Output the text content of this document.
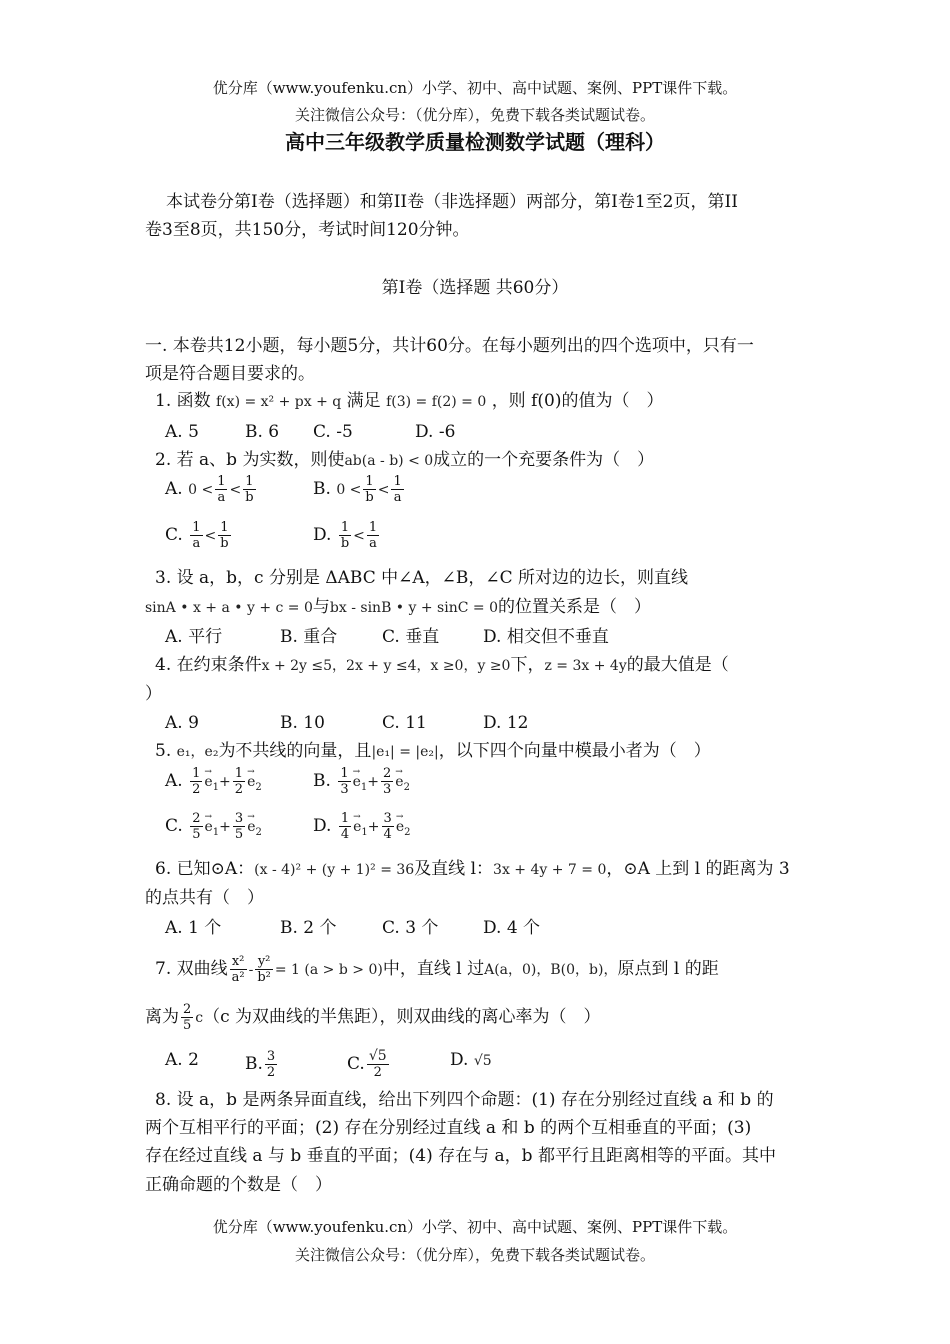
优分库（www.youfenku.cn）小学、初中、高中试题、案例、PPT课件下载。
关注微信公众号：（优分库），免费下载各类试题试卷。
高中三年级教学质量检测数学试题（理科）
本试卷分第I卷（选择题）和第II卷（非选择题）两部分，第I卷1至2页，第II
卷3至8页，共150分，考试时间120分钟。
第I卷（选择题 共60分）
一. 本卷共12小题，每小题5分，共计60分。在每小题列出的四个选项中，只有一
项是符合题目要求的。
1. 函数 f(x) = x² + px + q 满足 f(3) = f(2) = 0 ，则 f(0)的值为（　）
A. 5	B. 6 C. -5	D. -6
2. 若 a、b 为实数，则使ab(a - b) < 0成立的一个充要条件为（　）
A. $0 < \frac{1}{a} < \frac{1}{b}$	B. $0 < \frac{1}{b} < \frac{1}{a}$
C. $\frac{1}{a} < \frac{1}{b}$	D. $\frac{1}{b} < \frac{1}{a}$
3. 设 a，b，c 分别是 ΔABC 中∠A，∠B，∠C 所对边的边长，则直线
sinA • x + a • y + c = 0与bx - sinB • y + sinC = 0的位置关系是（　）
A. 平行	B. 重合	C. 垂直	D. 相交但不垂直
4. 在约束条件x + 2y ≤5，2x + y ≤4，x ≥0，y ≥0下，z = 3x + 4y的最大值是（
）
A. 9	B. 10	C. 11	D. 12
5. e₁，e₂为不共线的向量，且|e₁| = |e₂|，以下四个向量中模最小者为（　）
A. $\frac{1}{2}$
→ $e_1+ \frac{1}{2}$
→ $e_2$	B. $\frac{1}{3}$
→ $e_1+ \frac{2}{3}$
→ $e_2$
C. $\frac{2}{5}$
→ $e_1+ \frac{3}{5}$
→ $e_2$	D. $\frac{1}{4}$
→ $e_1+ \frac{3}{4}$
→ $e_2$
6. 已知⊙A：(x - 4)² + (y + 1)² = 36及直线 l：3x + 4y + 7 = 0，⊙A 上到 l 的距离为 3
的点共有（　）
A. 1 个	B. 2 个	C. 3 个	D. 4 个
7. 双曲线 $\frac{\text{x²}}{\text{a²}} - \frac{\text{y²}}{\text{b²}} = 1$ (a > b > 0)中，直线 l 过A(a，0)，B(0，b)，原点到 l 的距
离为 $\frac{2}{5} c(c$ 为双曲线的半焦距），则双曲线的离心率为（　）
A. 2	B. $\frac{3}{2}$	C. $\frac{√5}{2}$	D. √5
8. 设 a，b 是两条异面直线，给出下列四个命题：(1) 存在分别经过直线 a 和 b 的
两个互相平行的平面；(2) 存在分别经过直线 a 和 b 的两个互相垂直的平面；(3)
存在经过直线 a 与 b 垂直的平面；(4) 存在与 a，b 都平行且距离相等的平面。其中
正确命题的个数是（　）
优分库（www.youfenku.cn）小学、初中、高中试题、案例、PPT课件下载。
关注微信公众号：（优分库），免费下载各类试题试卷。
